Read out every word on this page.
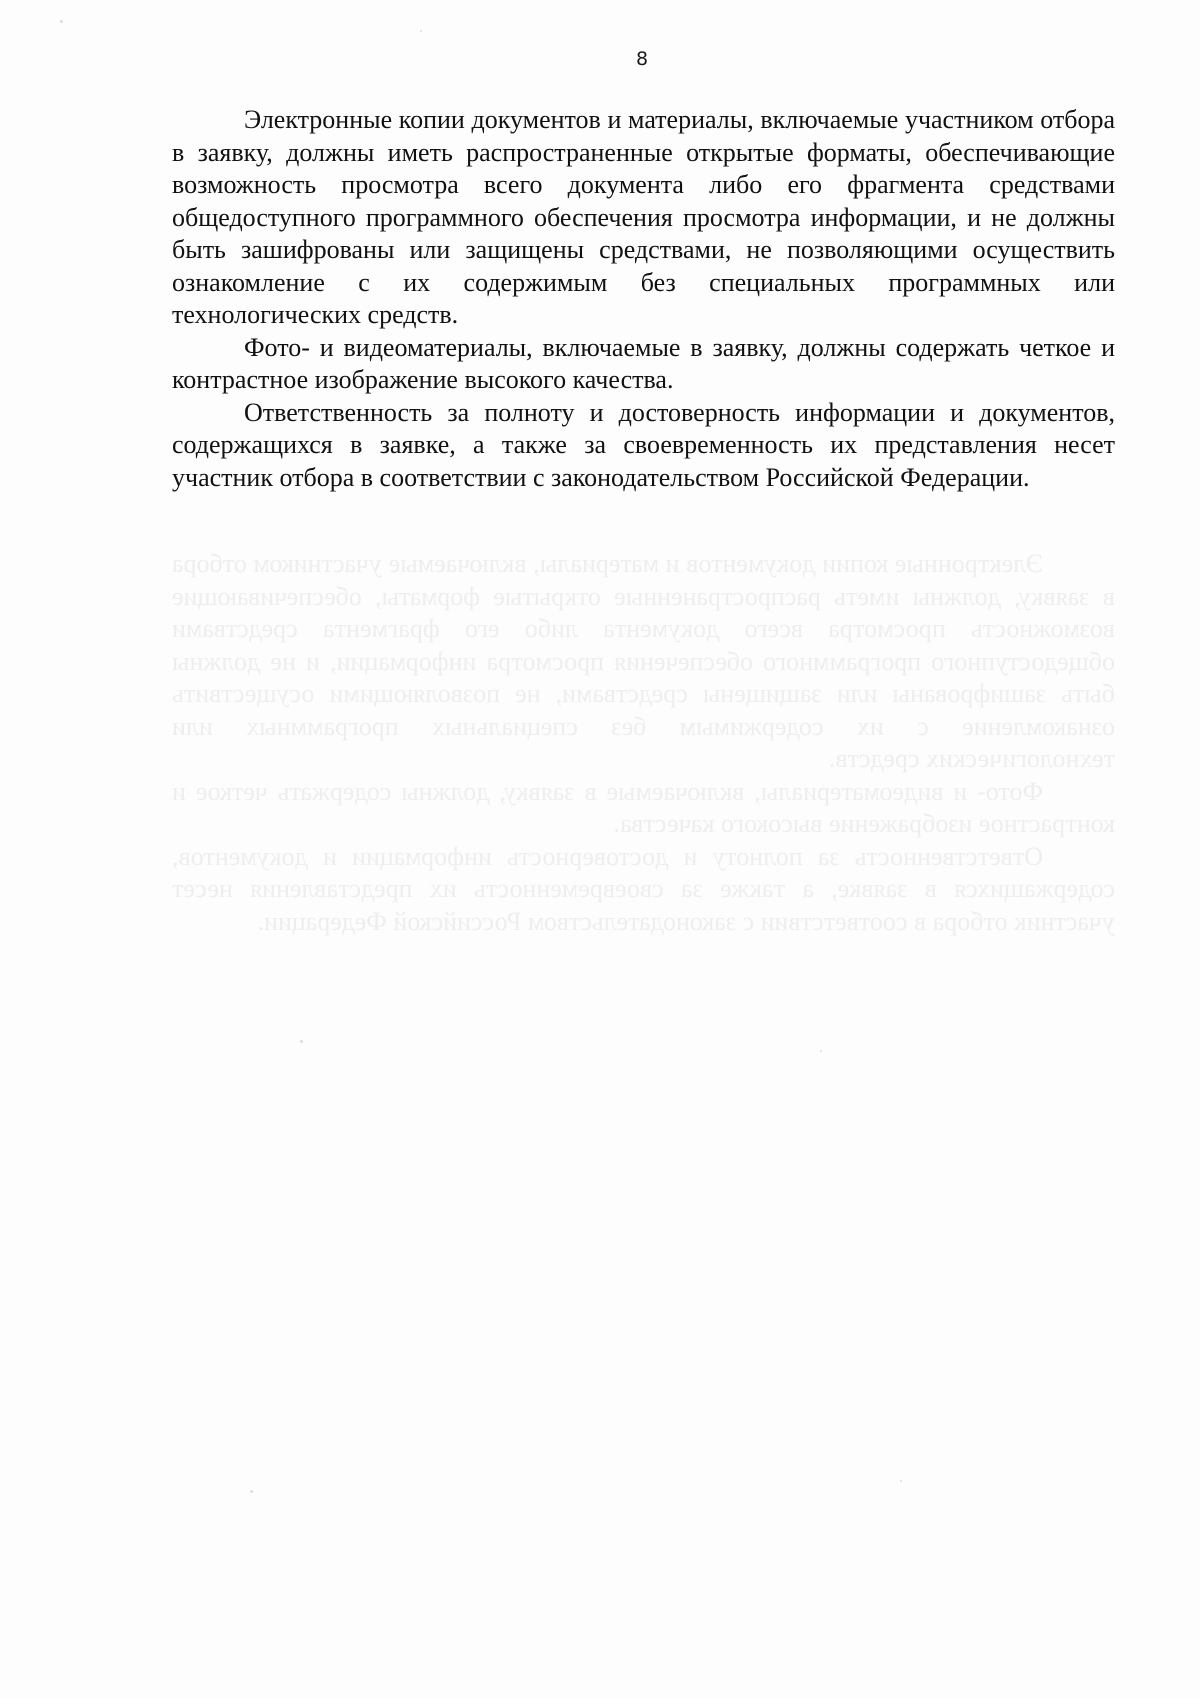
8

Электронные копии документов и материалы, включаемые участником отбора в заявку, должны иметь распространенные открытые форматы, обеспечивающие возможность просмотра всего документа либо его фрагмента средствами общедоступного программного обеспечения просмотра информации, и не должны быть зашифрованы или защищены средствами, не позволяющими осуществить ознакомление с их содержимым без специальных программных или технологических средств.

Фото- и видеоматериалы, включаемые в заявку, должны содержать четкое и контрастное изображение высокого качества.

Ответственность за полноту и достоверность информации и документов, содержащихся в заявке, а также за своевременность их представления несет участник отбора в соответствии с законодательством Российской Федерации.

Электронные копии документов и материалы, включаемые участником отбора в заявку, должны иметь распространенные открытые форматы, обеспечивающие возможность просмотра всего документа либо его фрагмента средствами общедоступного программного обеспечения просмотра информации, и не должны быть зашифрованы или защищены средствами, не позволяющими осуществить ознакомление с их содержимым без специальных программных или технологических средств.

Фото- и видеоматериалы, включаемые в заявку, должны содержать четкое и контрастное изображение высокого качества.

Ответственность за полноту и достоверность информации и документов, содержащихся в заявке, а также за своевременность их представления несет участник отбора в соответствии с законодательством Российской Федерации.
